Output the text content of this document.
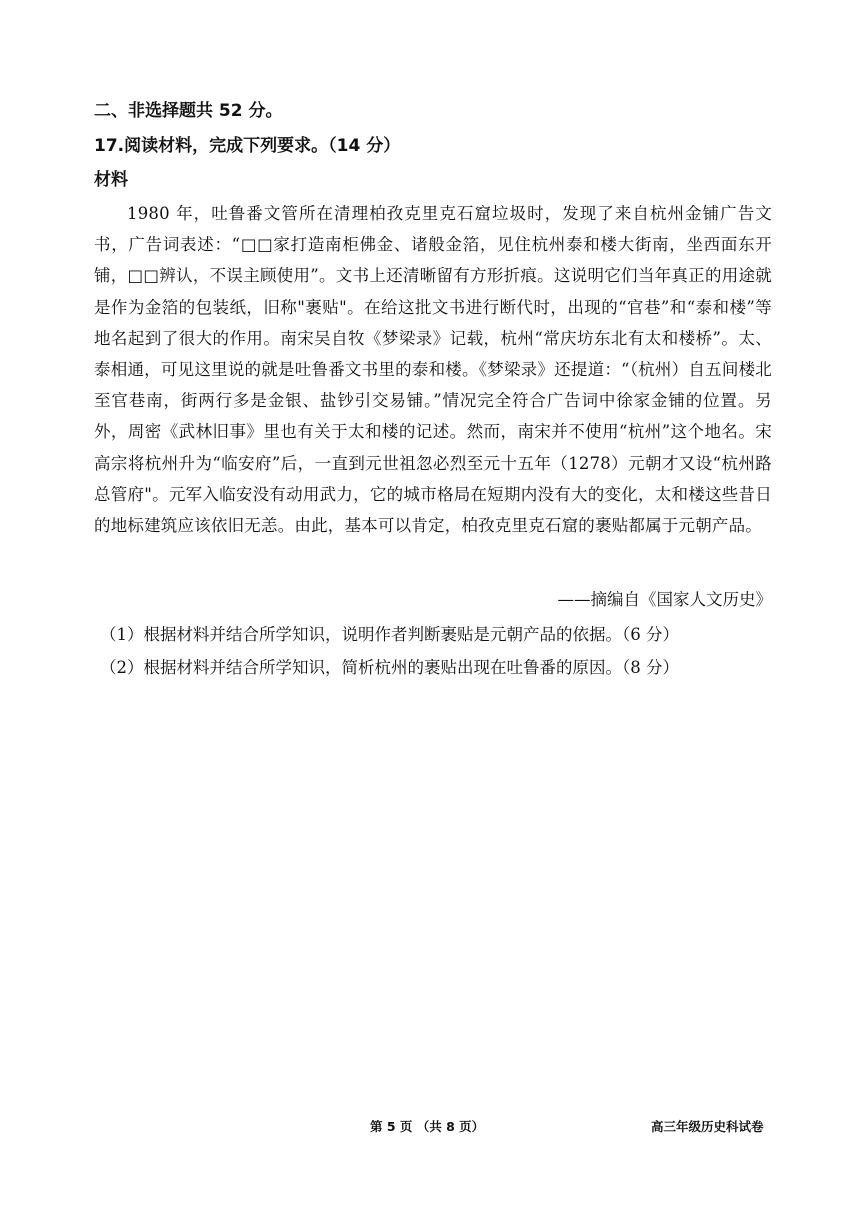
二、非选择题共 52 分。
17.阅读材料，完成下列要求。（14 分）
材料
1980 年，吐鲁番文管所在清理柏孜克里克石窟垃圾时，发现了来自杭州金铺广告文书，广告词表述：“□□家打造南柜佛金、诸般金箔，见住杭州泰和楼大街南，坐西面东开铺，□□辨认，不误主顾使用”。文书上还清晰留有方形折痕。这说明它们当年真正的用途就是作为金箔的包装纸，旧称"裹贴"。在给这批文书进行断代时，出现的“官巷”和“泰和楼”等地名起到了很大的作用。南宋吴自牧《梦梁录》记载，杭州“常庆坊东北有太和楼桥”。太、泰相通，可见这里说的就是吐鲁番文书里的泰和楼。《梦梁录》还提道：“（杭州）自五间楼北至官巷南，街两行多是金银、盐钞引交易铺。”情况完全符合广告词中徐家金铺的位置。另外，周密《武林旧事》里也有关于太和楼的记述。然而，南宋并不使用“杭州”这个地名。宋高宗将杭州升为“临安府”后，一直到元世祖忽必烈至元十五年（1278）元朝才又设“杭州路总管府"。元军入临安没有动用武力，它的城市格局在短期内没有大的变化，太和楼这些昔日的地标建筑应该依旧无恙。由此，基本可以肯定，柏孜克里克石窟的裹贴都属于元朝产品。
——摘编自《国家人文历史》
（1）根据材料并结合所学知识，说明作者判断裹贴是元朝产品的依据。（6 分）
（2）根据材料并结合所学知识，简析杭州的裹贴出现在吐鲁番的原因。（8 分）
第 5 页 （共 8 页）	高三年级历史科试卷
